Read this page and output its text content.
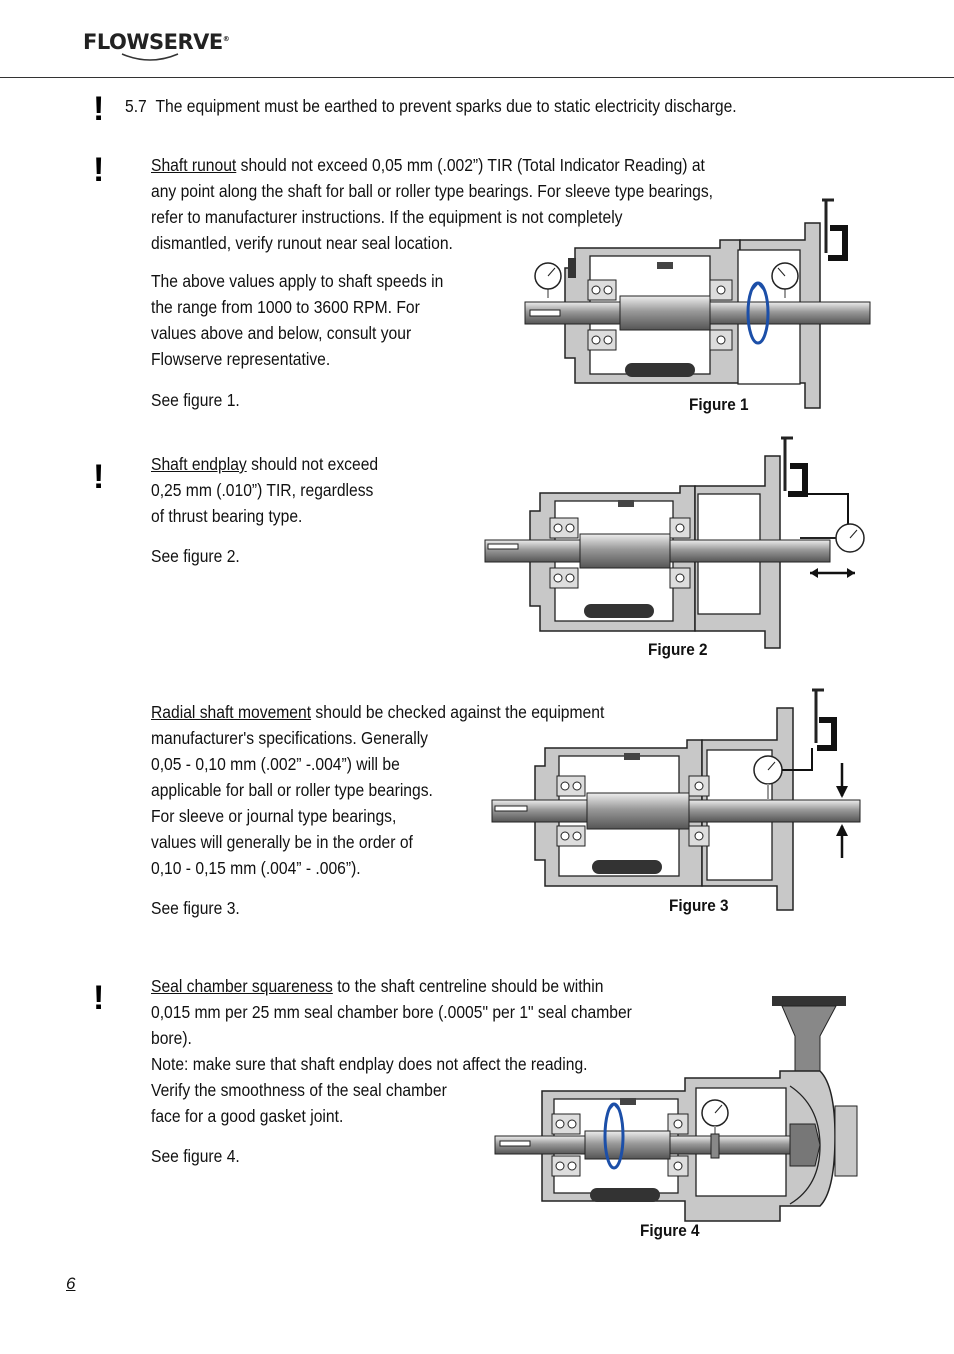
FLOWSERVE®
! 5.7 The equipment must be earthed to prevent sparks due to static electricity discharge.
!	Shaft runout should not exceed 0,05 mm (.002”) TIR (Total Indicator Reading) at
any point along the shaft for ball or roller type bearings. For sleeve type bearings,
refer to manufacturer instructions. If the equipment is not completely
dismantled, verify runout near seal location.
The above values apply to shaft speeds in
the range from 1000 to 3600 RPM. For
values above and below, consult your
Flowserve representative.
See figure 1.
!	Shaft endplay should not exceed
0,25 mm (.010”) TIR, regardless
of thrust bearing type.
See figure 2.
Radial shaft movement should be checked against the equipment
manufacturer's specifications. Generally
0,05 - 0,10 mm (.002” -.004”) will be
applicable for ball or roller type bearings.
For sleeve or journal type bearings,
values will generally be in the order of
0,10 - 0,15 mm (.004” - .006”).
See figure 3.
!	Seal chamber squareness to the shaft centreline should be within
0,015 mm per 25 mm seal chamber bore (.0005" per 1" seal chamber
bore).
Note: make sure that shaft endplay does not affect the reading.
Verify the smoothness of the seal chamber
face for a good gasket joint.
See figure 4.
Figure 1
Figure 2
Figure 3
Figure 4
6
